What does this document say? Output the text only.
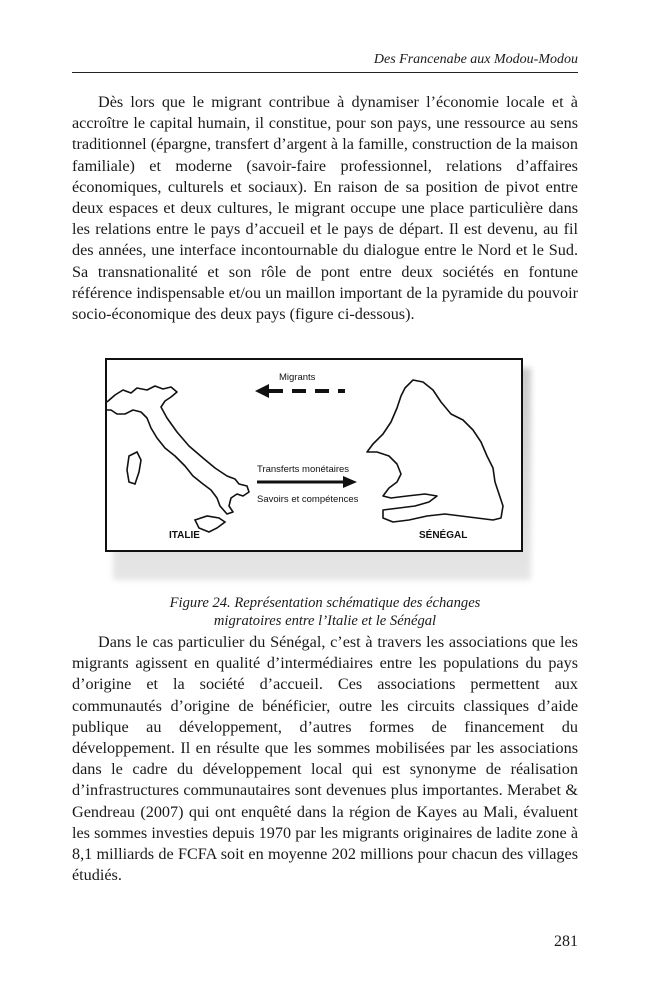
Des Francenabe aux Modou-Modou

Dès lors que le migrant contribue à dynamiser l’économie locale et à accroître le capital humain, il constitue, pour son pays, une ressource au sens traditionnel (épargne, transfert d’argent à la famille, construction de la maison familiale) et moderne (savoir-faire professionnel, relations d’affaires économiques, culturels et sociaux). En raison de sa position de pivot entre deux espaces et deux cultures, le migrant occupe une place particulière dans les relations entre le pays d’accueil et le pays de départ. Il est devenu, au fil des années, une interface incontournable du dialogue entre le Nord et le Sud. Sa transnationalité et son rôle de pont entre deux sociétés en fontune référence indispensable et/ou un maillon important de la pyramide du pouvoir socio-économique des deux pays (figure ci-dessous).

Migrants
Transferts monétaires
Savoirs et compétences
ITALIE	SÉNÉGAL
Figure 24. Représentation schématique des échanges
migratoires entre l’Italie et le Sénégal

Dans le cas particulier du Sénégal, c’est à travers les associations que les migrants agissent en qualité d’intermédiaires entre les populations du pays d’origine et la société d’accueil. Ces associations permettent aux communautés d’origine de bénéficier, outre les circuits classiques d’aide publique au développement, d’autres formes de financement du développement. Il en résulte que les sommes mobilisées par les associations dans le cadre du développement local qui est synonyme de réalisation d’infrastructures communautaires sont devenues plus importantes. Merabet & Gendreau (2007) qui ont enquêté dans la région de Kayes au Mali, évaluent les sommes investies depuis 1970 par les migrants originaires de ladite zone à 8,1 milliards de FCFA soit en moyenne 202 millions pour chacun des villages étudiés.

281
